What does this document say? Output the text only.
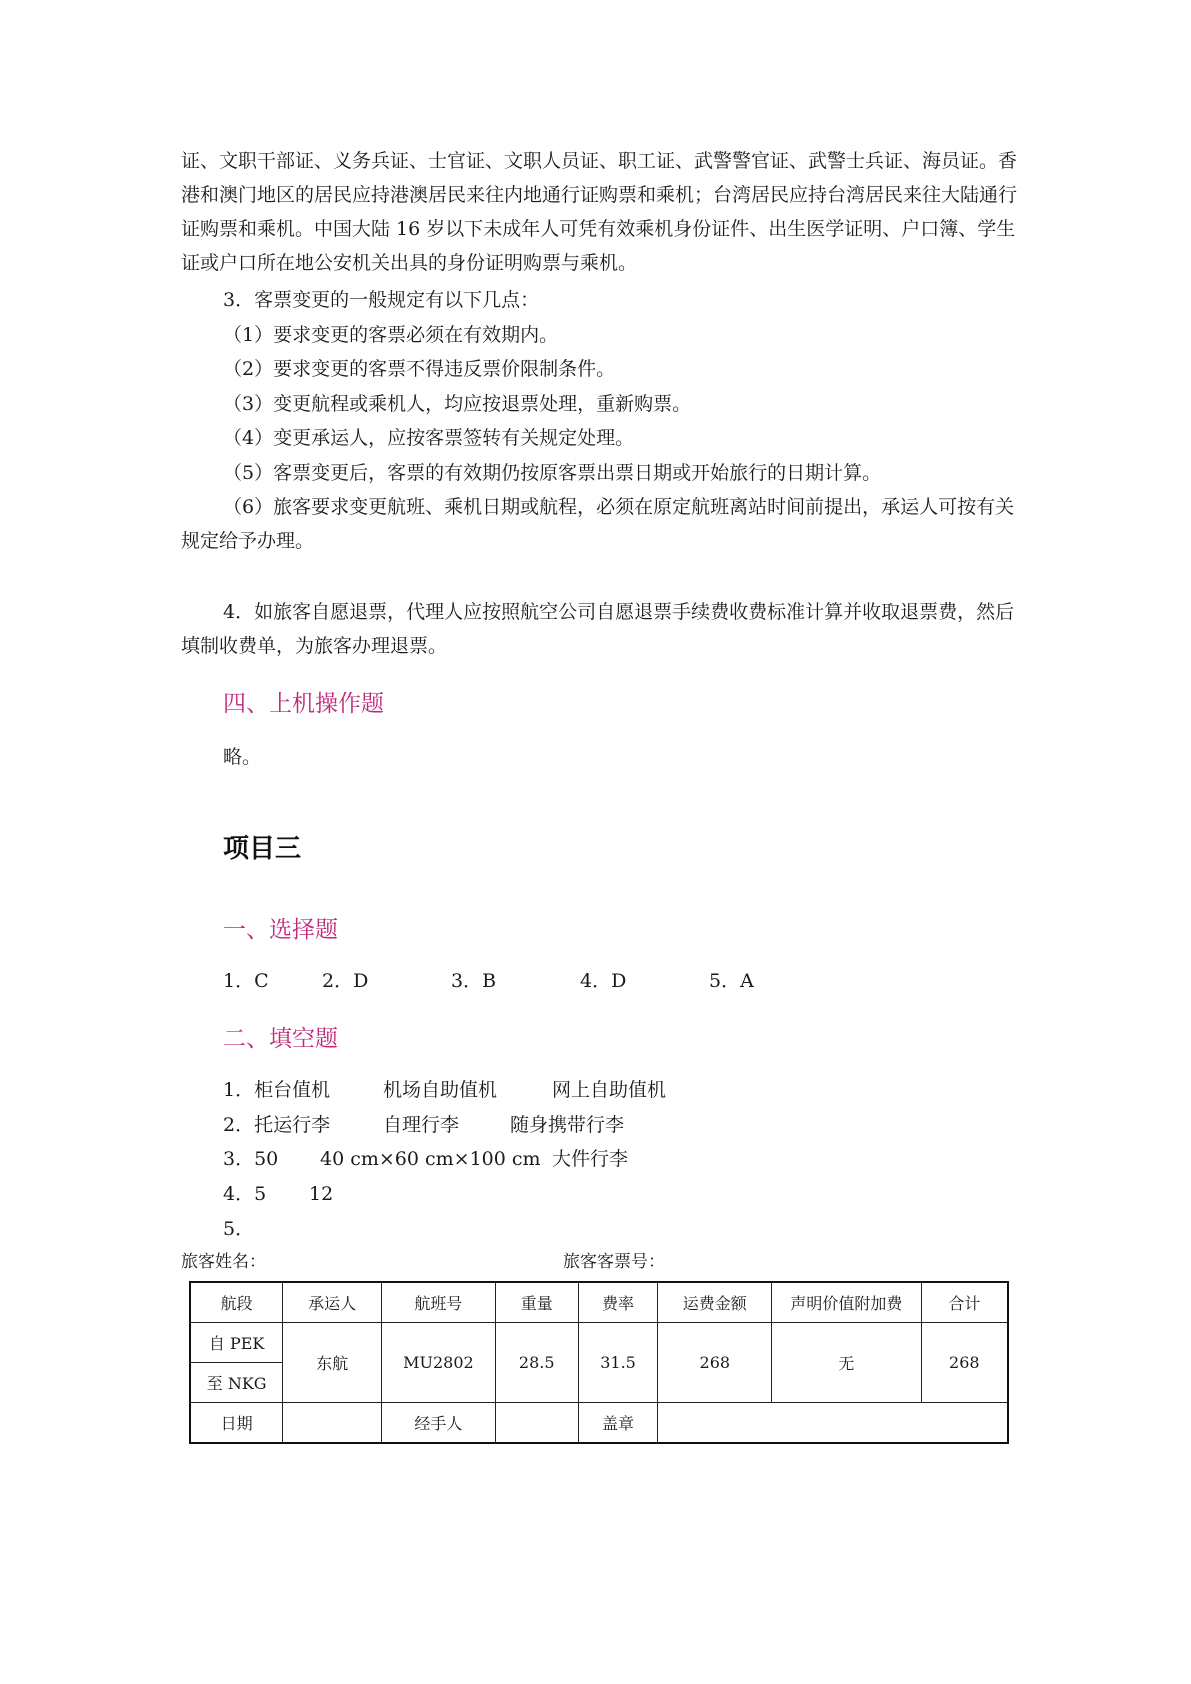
证、文职干部证、义务兵证、士官证、文职人员证、职工证、武警警官证、武警士兵证、海员证。香港和澳门地区的居民应持港澳居民来往内地通行证购票和乘机；台湾居民应持台湾居民来往大陆通行证购票和乘机。中国大陆 16 岁以下未成年人可凭有效乘机身份证件、出生医学证明、户口簿、学生证或户口所在地公安机关出具的身份证明购票与乘机。

3．客票变更的一般规定有以下几点：
（1）要求变更的客票必须在有效期内。
（2）要求变更的客票不得违反票价限制条件。
（3）变更航程或乘机人，均应按退票处理，重新购票。
（4）变更承运人，应按客票签转有关规定处理。
（5）客票变更后，客票的有效期仍按原客票出票日期或开始旅行的日期计算。

（6）旅客要求变更航班、乘机日期或航程，必须在原定航班离站时间前提出，承运人可按有关规定给予办理。

4．如旅客自愿退票，代理人应按照航空公司自愿退票手续费收费标准计算并收取退票费，然后填制收费单，为旅客办理退票。

四、上机操作题
略。
项目三
一、选择题
1．C	2．D	3．B	4．D	5．A
二、填空题
1．柜台值机	机场自助值机	网上自助值机
2．托运行李	自理行李	随身携带行李
3．50 40 cm×60 cm×100 cm 大件行李
4．5 12
5．
旅客姓名：	旅客客票号：
航段	承运人	航班号	重量	费率	运费金额	声明价值附加费	合计
自 PEK	东航	MU2802	28.5	31.5	268	无	268
至 NKG							
日期		经手人		盖章			
